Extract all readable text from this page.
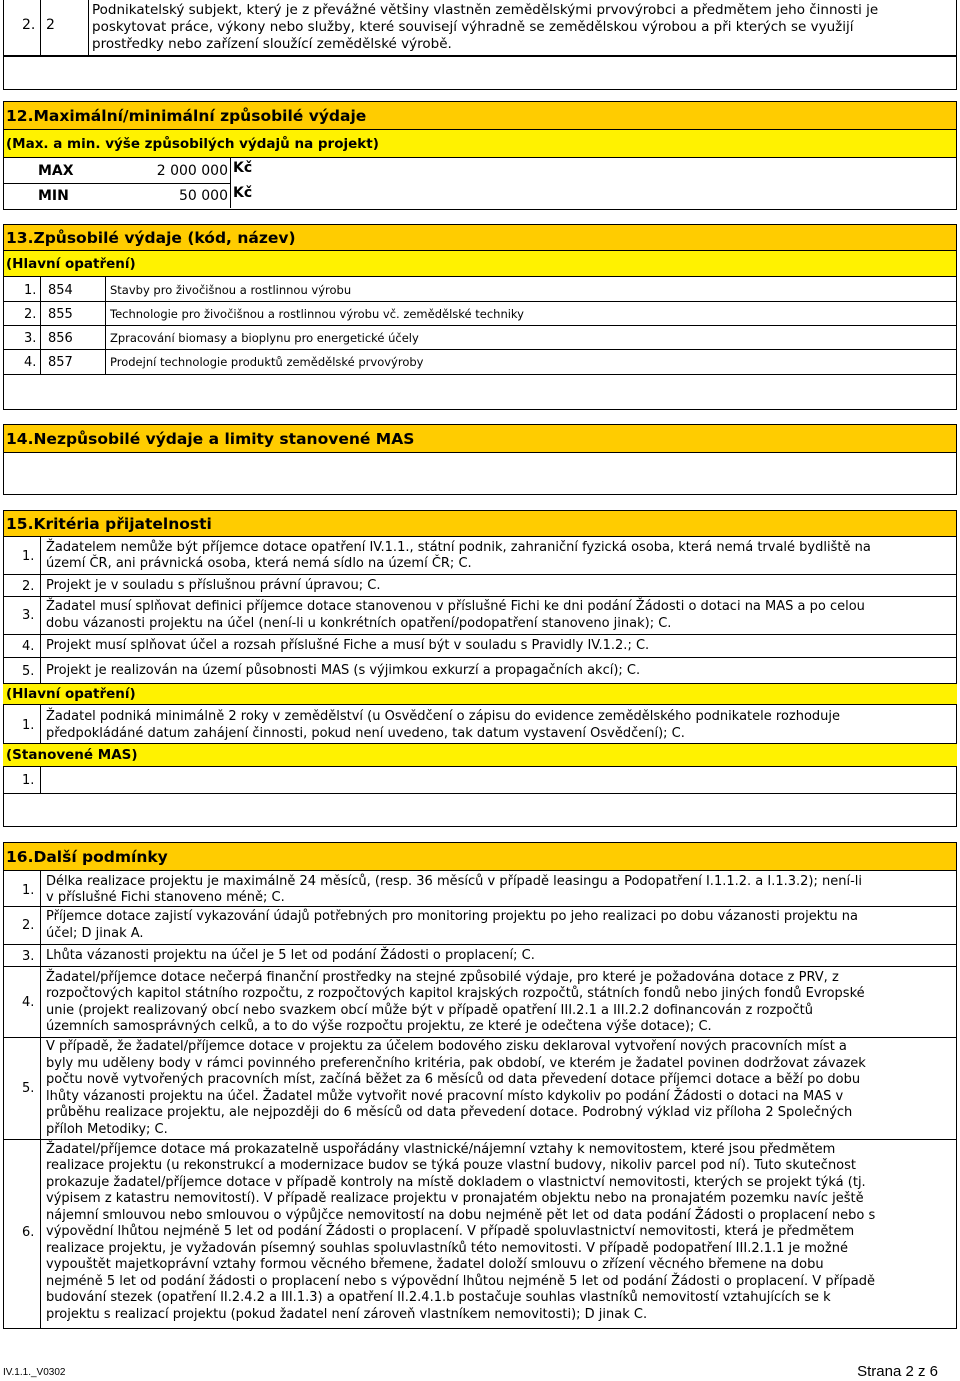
2. 2
Podnikatelský subjekt, který je z převážné většiny vlastněn zemědělskými prvovýrobci a předmětem jeho činnosti je
poskytovat práce, výkony nebo služby, které souvisejí výhradně se zemědělskou výrobou a při kterých se využijí
prostředky nebo zařízení sloužící zemědělské výrobě.
12.Maximální/minimální způsobilé výdaje
(Max. a min. výše způsobilých výdajů na projekt)
MAX	2 000 000 Kč
MIN	50 000 Kč
13.Způsobilé výdaje (kód, název)
(Hlavní opatření)
1. 854	Stavby pro živočišnou a rostlinnou výrobu
2. 855	Technologie pro živočišnou a rostlinnou výrobu vč. zemědělské techniky
3. 856	Zpracování biomasy a bioplynu pro energetické účely
4. 857	Prodejní technologie produktů zemědělské prvovýroby
14.Nezpůsobilé výdaje a limity stanovené MAS
15.Kritéria přijatelnosti
1.
Žadatelem nemůže být příjemce dotace opatření IV.1.1., státní podnik, zahraniční fyzická osoba, která nemá trvalé bydliště na
území ČR, ani právnická osoba, která nemá sídlo na území ČR; C.
2. Projekt je v souladu s příslušnou právní úpravou; C.
3.
Žadatel musí splňovat definici příjemce dotace stanovenou v příslušné Fichi ke dni podání Žádosti o dotaci na MAS a po celou
dobu vázanosti projektu na účel (není-li u konkrétních opatření/podopatření stanoveno jinak); C.
4. Projekt musí splňovat účel a rozsah příslušné Fiche a musí být v souladu s Pravidly IV.1.2.; C.
5. Projekt je realizován na území působnosti MAS (s výjimkou exkurzí a propagačních akcí); C.
(Hlavní opatření)
1.
Žadatel podniká minimálně 2 roky v zemědělství (u Osvědčení o zápisu do evidence zemědělského podnikatele rozhoduje
předpokládáné datum zahájení činnosti, pokud není uvedeno, tak datum vystavení Osvědčení); C.
(Stanovené MAS)
1.
16.Další podmínky
1.
Délka realizace projektu je maximálně 24 měsíců, (resp. 36 měsíců v případě leasingu a Podopatření I.1.1.2. a I.1.3.2); není-li
v příslušné Fichi stanoveno méně; C.
2.
Příjemce dotace zajistí vykazování údajů potřebných pro monitoring projektu po jeho realizaci po dobu vázanosti projektu na
účel; D jinak A.
3. Lhůta vázanosti projektu na účel je 5 let od podání Žádosti o proplacení; C.
4.
Žadatel/příjemce dotace nečerpá finanční prostředky na stejné způsobilé výdaje, pro které je požadována dotace z PRV, z
rozpočtových kapitol státního rozpočtu, z rozpočtových kapitol krajských rozpočtů, státních fondů nebo jiných fondů Evropské
unie (projekt realizovaný obcí nebo svazkem obcí může být v případě opatření III.2.1 a III.2.2 dofinancován z rozpočtů
územních samosprávných celků, a to do výše rozpočtu projektu, ze které je odečtena výše dotace); C.
5.
V případě, že žadatel/příjemce dotace v projektu za účelem bodového zisku deklaroval vytvoření nových pracovních míst a
byly mu uděleny body v rámci povinného preferenčního kritéria, pak období, ve kterém je žadatel povinen dodržovat závazek
počtu nově vytvořených pracovních míst, začíná běžet za 6 měsíců od data převedení dotace příjemci dotace a běží po dobu
lhůty vázanosti projektu na účel. Žadatel může vytvořit nové pracovní místo kdykoliv po podání Žádosti o dotaci na MAS v
průběhu realizace projektu, ale nejpozději do 6 měsíců od data převedení dotace. Podrobný výklad viz příloha 2 Společných
příloh Metodiky; C.
6.
Žadatel/příjemce dotace má prokazatelně uspořádány vlastnické/nájemní vztahy k nemovitostem, které jsou předmětem
realizace projektu (u rekonstrukcí a modernizace budov se týká pouze vlastní budovy, nikoliv parcel pod ní). Tuto skutečnost
prokazuje žadatel/příjemce dotace v případě kontroly na místě dokladem o vlastnictví nemovitosti, kterých se projekt týká (tj.
výpisem z katastru nemovitostí). V případě realizace projektu v pronajatém objektu nebo na pronajatém pozemku navíc ještě
nájemní smlouvou nebo smlouvou o výpůjčce nemovitostí na dobu nejméně pět let od data podání Žádosti o proplacení nebo s
výpovědní lhůtou nejméně 5 let od podání Žádosti o proplacení. V případě spoluvlastnictví nemovitosti, která je předmětem
realizace projektu, je vyžadován písemný souhlas spoluvlastníků této nemovitosti. V případě podopatření III.2.1.1 je možné
vypouštět majetkoprávní vztahy formou věcného břemene, žadatel doloží smlouvu o zřízení věcného břemene na dobu
nejméně 5 let od podání žádosti o proplacení nebo s výpovědní lhůtou nejméně 5 let od podání Žádosti o proplacení. V případě
budování stezek (opatření II.2.4.2 a III.1.3) a opatření II.2.4.1.b postačuje souhlas vlastníků nemovitostí vztahujících se k
projektu s realizací projektu (pokud žadatel není zároveň vlastníkem nemovitosti); D jinak C.
IV.1.1._V0302	Strana 2 z 6
